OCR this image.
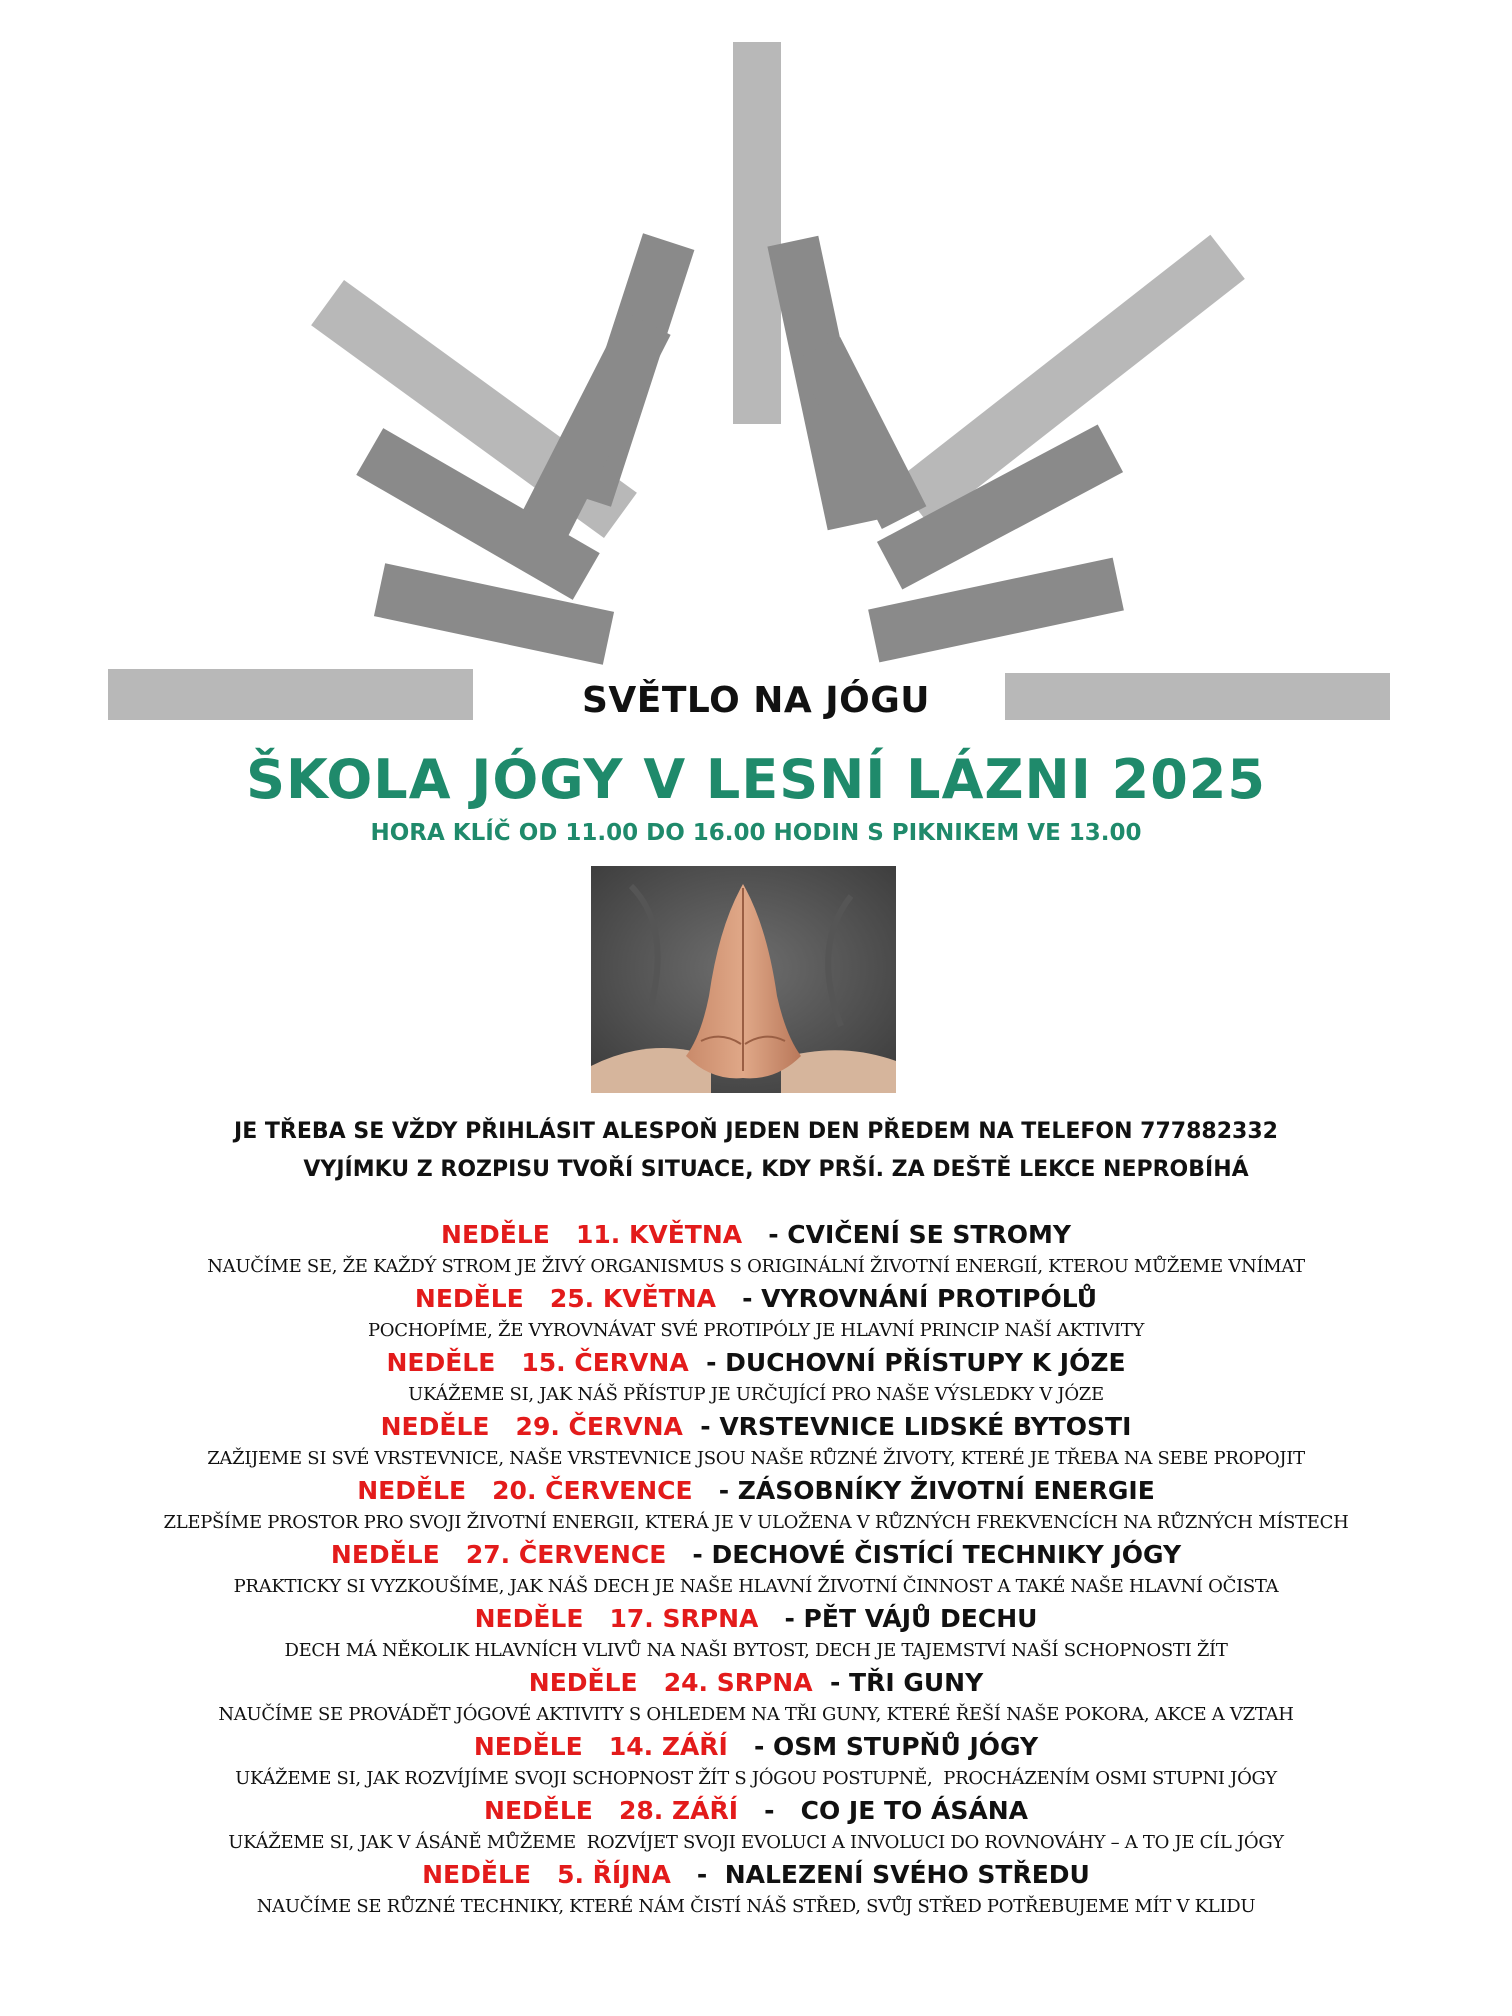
SVĚTLO NA JÓGU
ŠKOLA JÓGY V LESNÍ LÁZNI 2025
HORA KLÍČ OD 11.00 DO 16.00 HODIN S PIKNIKEM VE 13.00
JE TŘEBA SE VŽDY PŘIHLÁSIT ALESPOŇ JEDEN DEN PŘEDEM NA TELEFON 777882332
VYJÍMKU Z ROZPISU TVOŘÍ SITUACE, KDY PRŠÍ. ZA DEŠTĚ LEKCE NEPROBÍHÁ
NEDĚLE   11. KVĚTNA   - CVIČENÍ SE STROMY
NAUČÍME SE, ŽE KAŽDÝ STROM JE ŽIVÝ ORGANISMUS S ORIGINÁLNÍ ŽIVOTNÍ ENERGIÍ, KTEROU MŮŽEME VNÍMAT
NEDĚLE   25. KVĚTNA   - VYROVNÁNÍ PROTIPÓLŮ
POCHOPÍME, ŽE VYROVNÁVAT SVÉ PROTIPÓLY JE HLAVNÍ PRINCIP NAŠÍ AKTIVITY
NEDĚLE   15. ČERVNA  - DUCHOVNÍ PŘÍSTUPY K JÓZE
UKÁŽEME SI, JAK NÁŠ PŘÍSTUP JE URČUJÍCÍ PRO NAŠE VÝSLEDKY V JÓZE
NEDĚLE   29. ČERVNA  - VRSTEVNICE LIDSKÉ BYTOSTI
ZAŽIJEME SI SVÉ VRSTEVNICE, NAŠE VRSTEVNICE JSOU NAŠE RŮZNÉ ŽIVOTY, KTERÉ JE TŘEBA NA SEBE PROPOJIT
NEDĚLE   20. ČERVENCE   - ZÁSOBNÍKY ŽIVOTNÍ ENERGIE
ZLEPŠÍME PROSTOR PRO SVOJI ŽIVOTNÍ ENERGII, KTERÁ JE V ULOŽENA V RŮZNÝCH FREKVENCÍCH NA RŮZNÝCH MÍSTECH
NEDĚLE   27. ČERVENCE   - DECHOVÉ ČISTÍCÍ TECHNIKY JÓGY
PRAKTICKY SI VYZKOUŠÍME, JAK NÁŠ DECH JE NAŠE HLAVNÍ ŽIVOTNÍ ČINNOST A TAKÉ NAŠE HLAVNÍ OČISTA
NEDĚLE   17. SRPNA   - PĚT VÁJŮ DECHU
DECH MÁ NĚKOLIK HLAVNÍCH VLIVŮ NA NAŠI BYTOST, DECH JE TAJEMSTVÍ NAŠÍ SCHOPNOSTI ŽÍT
NEDĚLE   24. SRPNA  - TŘI GUNY
NAUČÍME SE PROVÁDĚT JÓGOVÉ AKTIVITY S OHLEDEM NA TŘI GUNY, KTERÉ ŘEŠÍ NAŠE POKORA, AKCE A VZTAH
NEDĚLE   14. ZÁŘÍ   - OSM STUPŇŮ JÓGY
UKÁŽEME SI, JAK ROZVÍJÍME SVOJI SCHOPNOST ŽÍT S JÓGOU POSTUPNĚ,  PROCHÁZENÍM OSMI STUPNI JÓGY
NEDĚLE   28. ZÁŘÍ   -   CO JE TO ÁSÁNA
UKÁŽEME SI, JAK V ÁSÁNĚ MŮŽEME  ROZVÍJET SVOJI EVOLUCI A INVOLUCI DO ROVNOVÁHY – A TO JE CÍL JÓGY
NEDĚLE   5. ŘÍJNA   -  NALEZENÍ SVÉHO STŘEDU
NAUČÍME SE RŮZNÉ TECHNIKY, KTERÉ NÁM ČISTÍ NÁŠ STŘED, SVŮJ STŘED POTŘEBUJEME MÍT V KLIDU
